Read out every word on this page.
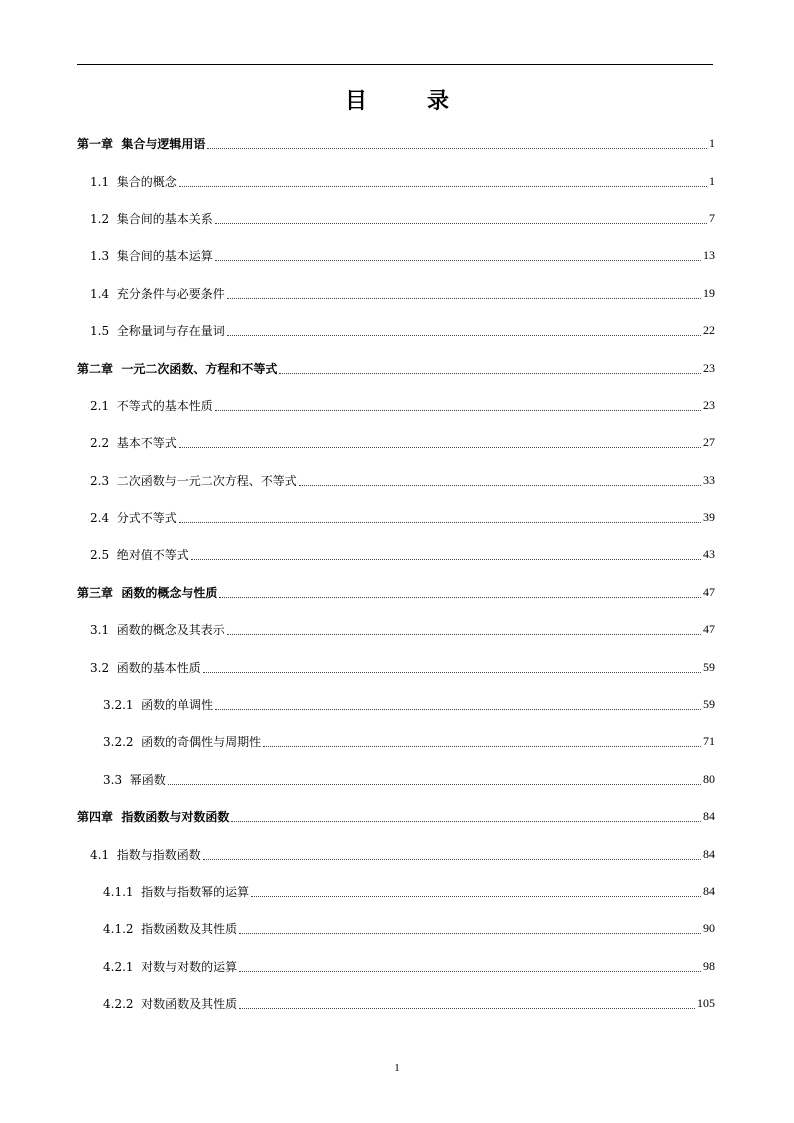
目	录
第一章  集合与逻辑用语	1
1.1  集合的概念	1
1.2  集合间的基本关系	7
1.3  集合间的基本运算	13
1.4  充分条件与必要条件	19
1.5  全称量词与存在量词	22
第二章  一元二次函数、方程和不等式	23
2.1  不等式的基本性质	23
2.2  基本不等式	27
2.3  二次函数与一元二次方程、不等式	33
2.4  分式不等式	39
2.5  绝对值不等式	43
第三章  函数的概念与性质	47
3.1  函数的概念及其表示	47
3.2  函数的基本性质	59
3.2.1  函数的单调性	59
3.2.2  函数的奇偶性与周期性	71
3.3  幂函数	80
第四章  指数函数与对数函数	84
4.1  指数与指数函数	84
4.1.1  指数与指数幂的运算	84
4.1.2  指数函数及其性质	90
4.2.1  对数与对数的运算	98
4.2.2  对数函数及其性质	105
1
